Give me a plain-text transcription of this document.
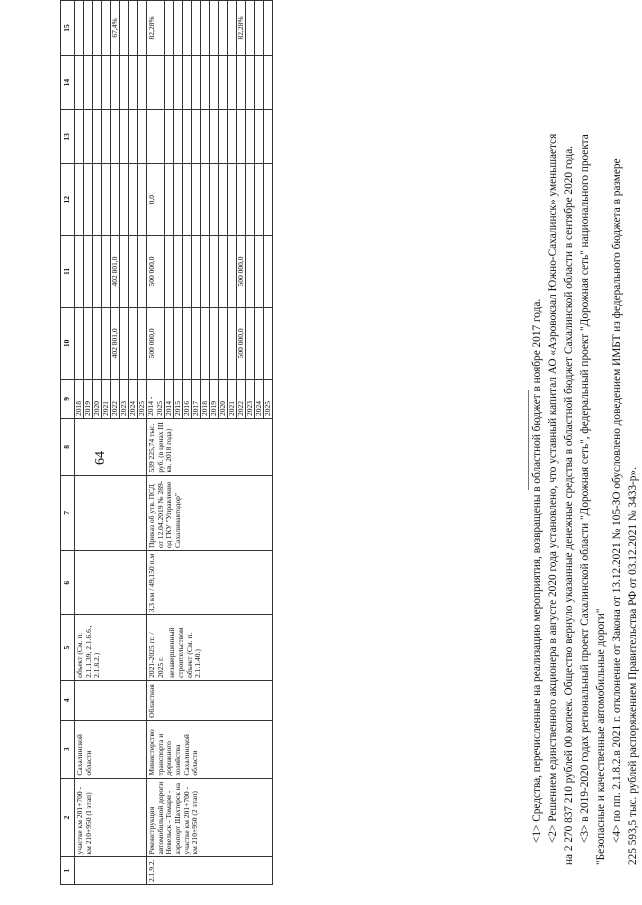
64
1	2	3	4	5	6	7	8	9	10	11	12	13	14	15
	участке км 201+700 - км 210+950 (I этап)	Сахалинской области		объект (См. п. 2.1.1.39, 2.1.6.6., 2.1.8.2.)				2018						
								2019						
								2020						
								2021						
								2022	402 801,0	402 801,0				67,4%
								2023						
								2024						
								2025						
2.1.9.2.	Реконструкция автомобильной дороги Невельск - Томари - аэропорт Шахтерск на участке км 201+700 - км 210+950 (2 этап)	Министерство транспорта и дорожного хозяйства Сахалинской области	Областная	2021-2025 гг. / 2025 г. незавершенный строительством объект (См. п. 2.1.1.40.)	3,3 км / 49,150 п.м	Приказ об утв. ПСД от 12.04.2019 № 289-од ГКУ "Управление Сахалинавтодор"	539 225,74 тыс. руб. (в ценах III кв. 2018 года)	2014 - 2025	500 000,0	500 000,0	0,0			82,28%
								2014						
								2015						
								2016						
								2017						
								2018						
								2019						
								2020						
								2021						
								2022	500 000,0	500 000,0				82,28%
								2023						
								2024						
								2025							<1> Средства, перечисленные на реализацию мероприятия, возвращены в областной бюджет в ноябре 2017 года. <2> Решением единственного акционера в августе 2020 года установлено, что уставный капитал АО «Аэровокзал Южно-Сахалинск» уменьшается на 2 270 837 210 рублей 00 копеек. Общество вернуло указанные денежные средства в областной бюджет Сахалинской области в сентябре 2020 года. <3> в 2019-2020 годах региональный проект Сахалинской области "Дорожная сеть", федеральный проект "Дорожная сеть" национального проекта "Безопасные и качественные автомобильные дороги" <4> по пп. 2.1.8.2.в 2021 г. отклонение от Закона от 13.12.2021 № 105-ЗО обусловлено доведением ИМБТ из федерального бюджета в размере 225 593,5 тыс. рублей распоряжением Правительства РФ от 03.12.2021 № 3433-р».
